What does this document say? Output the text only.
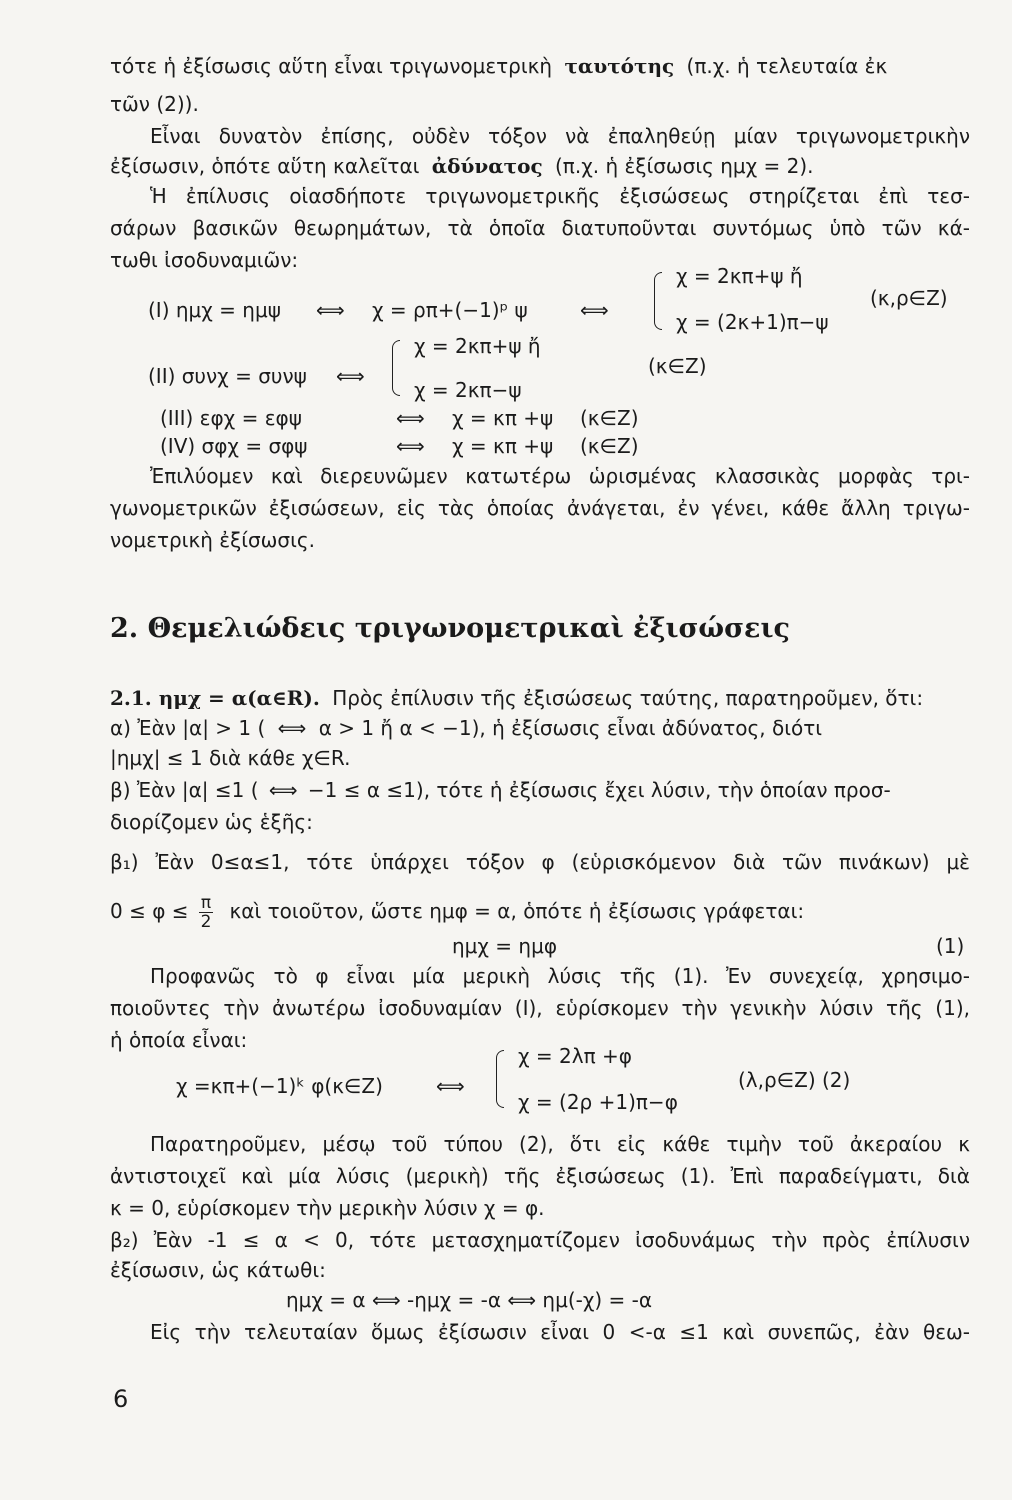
τότε ἡ ἐξίσωσις αὕτη εἶναι τριγωνομετρικὴ ταυτότης (π.χ. ἡ τελευταία ἐκ
τῶν (2)).
Εἶναι δυνατὸν ἐπίσης, οὐδὲν τόξον νὰ ἐπαληθεύῃ μίαν τριγωνομετρικὴν
ἐξίσωσιν, ὁπότε αὕτη καλεῖται ἀδύνατος (π.χ. ἡ ἐξίσωσις ημχ = 2).
Ἡ ἐπίλυσις οἱασδήποτε τριγωνομετρικῆς ἐξισώσεως στηρίζεται ἐπὶ τεσ-
σάρων βασικῶν θεωρημάτων, τὰ ὁποῖα διατυποῦνται συντόμως ὑπὸ τῶν κά-
τωθι ἰσοδυναμιῶν:
(I) ημχ = ημψ ⟺ χ = ρπ+(−1)ᵖ ψ	⟺
χ = 2κπ+ψ ἤ
χ = (2κ+1)π−ψ
(κ,ρ∈Z)
(II) συνχ = συνψ ⟺
χ = 2κπ+ψ ἤ
χ = 2κπ−ψ
(κ∈Z)
(III) εφχ = εφψ	⟺ χ = κπ +ψ (κ∈Z)
(IV) σφχ = σφψ	⟺ χ = κπ +ψ (κ∈Z)
Ἐπιλύομεν καὶ διερευνῶμεν κατωτέρω ὡρισμένας κλασσικὰς μορφὰς τρι-
γωνομετρικῶν ἐξισώσεων, εἰς τὰς ὁποίας ἀνάγεται, ἐν γένει, κάθε ἄλλη τριγω-
νομετρικὴ ἐξίσωσις.
2. Θεμελιώδεις τριγωνομετρικαὶ ἐξισώσεις
2.1. ημχ = α(α∈R). Πρὸς ἐπίλυσιν τῆς ἐξισώσεως ταύτης, παρατηροῦμεν, ὅτι:
α) Ἐὰν |α| > 1 ( ⟺ α > 1 ἤ α < −1), ἡ ἐξίσωσις εἶναι ἀδύνατος, διότι
|ημχ| ≤ 1 διὰ κάθε χ∈R.
β) Ἐὰν |α| ≤1 ( ⟺ −1 ≤ α ≤1), τότε ἡ ἐξίσωσις ἔχει λύσιν, τὴν ὁποίαν προσ-
διορίζομεν ὡς ἑξῆς:
β₁) Ἐὰν 0≤α≤1, τότε ὑπάρχει τόξον φ (εὑρισκόμενον διὰ τῶν πινάκων) μὲ
$0 \le \varphi \le \frac{\pi}{2}$ καὶ τοιοῦτον, ὥστε ημφ = α, ὁπότε ἡ ἐξίσωσις γράφεται:
ημχ = ημφ	(1)
Προφανῶς τὸ φ εἶναι μία μερικὴ λύσις τῆς (1). Ἐν συνεχείᾳ, χρησιμο-
ποιοῦντες τὴν ἀνωτέρω ἰσοδυναμίαν (I), εὑρίσκομεν τὴν γενικὴν λύσιν τῆς (1),
ἡ ὁποία εἶναι:
χ =κπ+(−1)ᵏ φ(κ∈Z)	⟺
χ = 2λπ +φ
χ = (2ρ +1)π−φ
(λ,ρ∈Z) (2)
Παρατηροῦμεν, μέσῳ τοῦ τύπου (2), ὅτι εἰς κάθε τιμὴν τοῦ ἀκεραίου κ
ἀντιστοιχεῖ καὶ μία λύσις (μερικὴ) τῆς ἐξισώσεως (1). Ἐπὶ παραδείγματι, διὰ
κ = 0, εὑρίσκομεν τὴν μερικὴν λύσιν χ = φ.
β₂) Ἐὰν -1 ≤ α < 0, τότε μετασχηματίζομεν ἰσοδυνάμως τὴν πρὸς ἐπίλυσιν
ἐξίσωσιν, ὡς κάτωθι:
ημχ = α ⟺ -ημχ = -α ⟺ ημ(-χ) = -α
Εἰς τὴν τελευταίαν ὅμως ἐξίσωσιν εἶναι 0 <-α ≤1 καὶ συνεπῶς, ἐὰν θεω-
6
